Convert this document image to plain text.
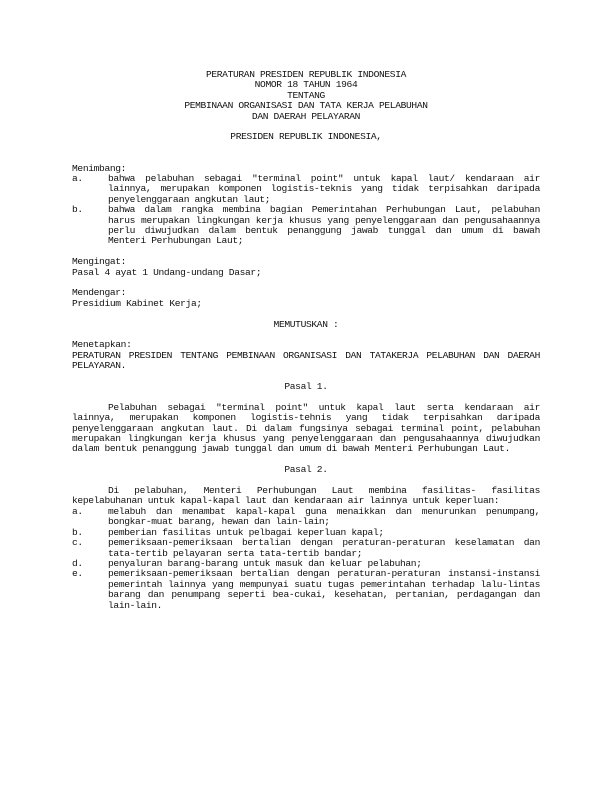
PERATURAN PRESIDEN REPUBLIK INDONESIA

NOMOR 18 TAHUN 1964

TENTANG

PEMBINAAN ORGANISASI DAN TATA KERJA PELABUHAN

DAN DAERAH PELAYARAN

PRESIDEN REPUBLIK INDONESIA,

Menimbang:

a.	bahwa pelabuhan sebagai "terminal point" untuk kapal laut/ kendaraan air lainnya, merupakan komponen logistis-teknis yang tidak terpisahkan daripada penyelenggaraan angkutan laut;
b.	bahwa dalam rangka membina bagian Pemerintahan Perhubungan Laut, pelabuhan harus merupakan lingkungan kerja khusus yang penyelenggaraan dan pengusahaannya perlu diwujudkan dalam bentuk penanggung jawab tunggal dan umum di bawah Menteri Perhubungan Laut;

Mengingat:

Pasal 4 ayat 1 Undang-undang Dasar;

Mendengar:

Presidium Kabinet Kerja;

MEMUTUSKAN :

Menetapkan:

PERATURAN PRESIDEN TENTANG PEMBINAAN ORGANISASI DAN TATAKERJA PELABUHAN DAN DAERAH PELAYARAN.

Pasal 1.

Pelabuhan sebagai "terminal point" untuk kapal laut serta kendaraan air lainnya, merupakan komponen logistis-tehnis yang tidak terpisahkan daripada penyelenggaraan angkutan laut. Di dalam fungsinya sebagai terminal point, pelabuhan merupakan lingkungan kerja khusus yang penyelenggaraan dan pengusahaannya diwujudkan dalam bentuk penanggung jawab tunggal dan umum di bawah Menteri Perhubungan Laut.

Pasal 2.

Di pelabuhan, Menteri Perhubungan Laut membina fasilitas- fasilitas kepelabuhanan untuk kapal-kapal laut dan kendaraan air lainnya untuk keperluan:

a.	melabuh dan menambat kapal-kapal guna menaikkan dan menurunkan penumpang, bongkar-muat barang, hewan dan lain-lain;
b.	pemberian fasilitas untuk pelbagai keperluan kapal;
c.	pemeriksaan-pemeriksaan bertalian dengan peraturan-peraturan keselamatan dan tata-tertib pelayaran serta tata-tertib bandar;
d.	penyaluran barang-barang untuk masuk dan keluar pelabuhan;
e.	pemeriksaan-pemeriksaan bertalian dengan peraturan-peraturan instansi-instansi pemerintah lainnya yang mempunyai suatu tugas pemerintahan terhadap lalu-lintas barang dan penumpang seperti bea-cukai, kesehatan, pertanian, perdagangan dan lain-lain.
